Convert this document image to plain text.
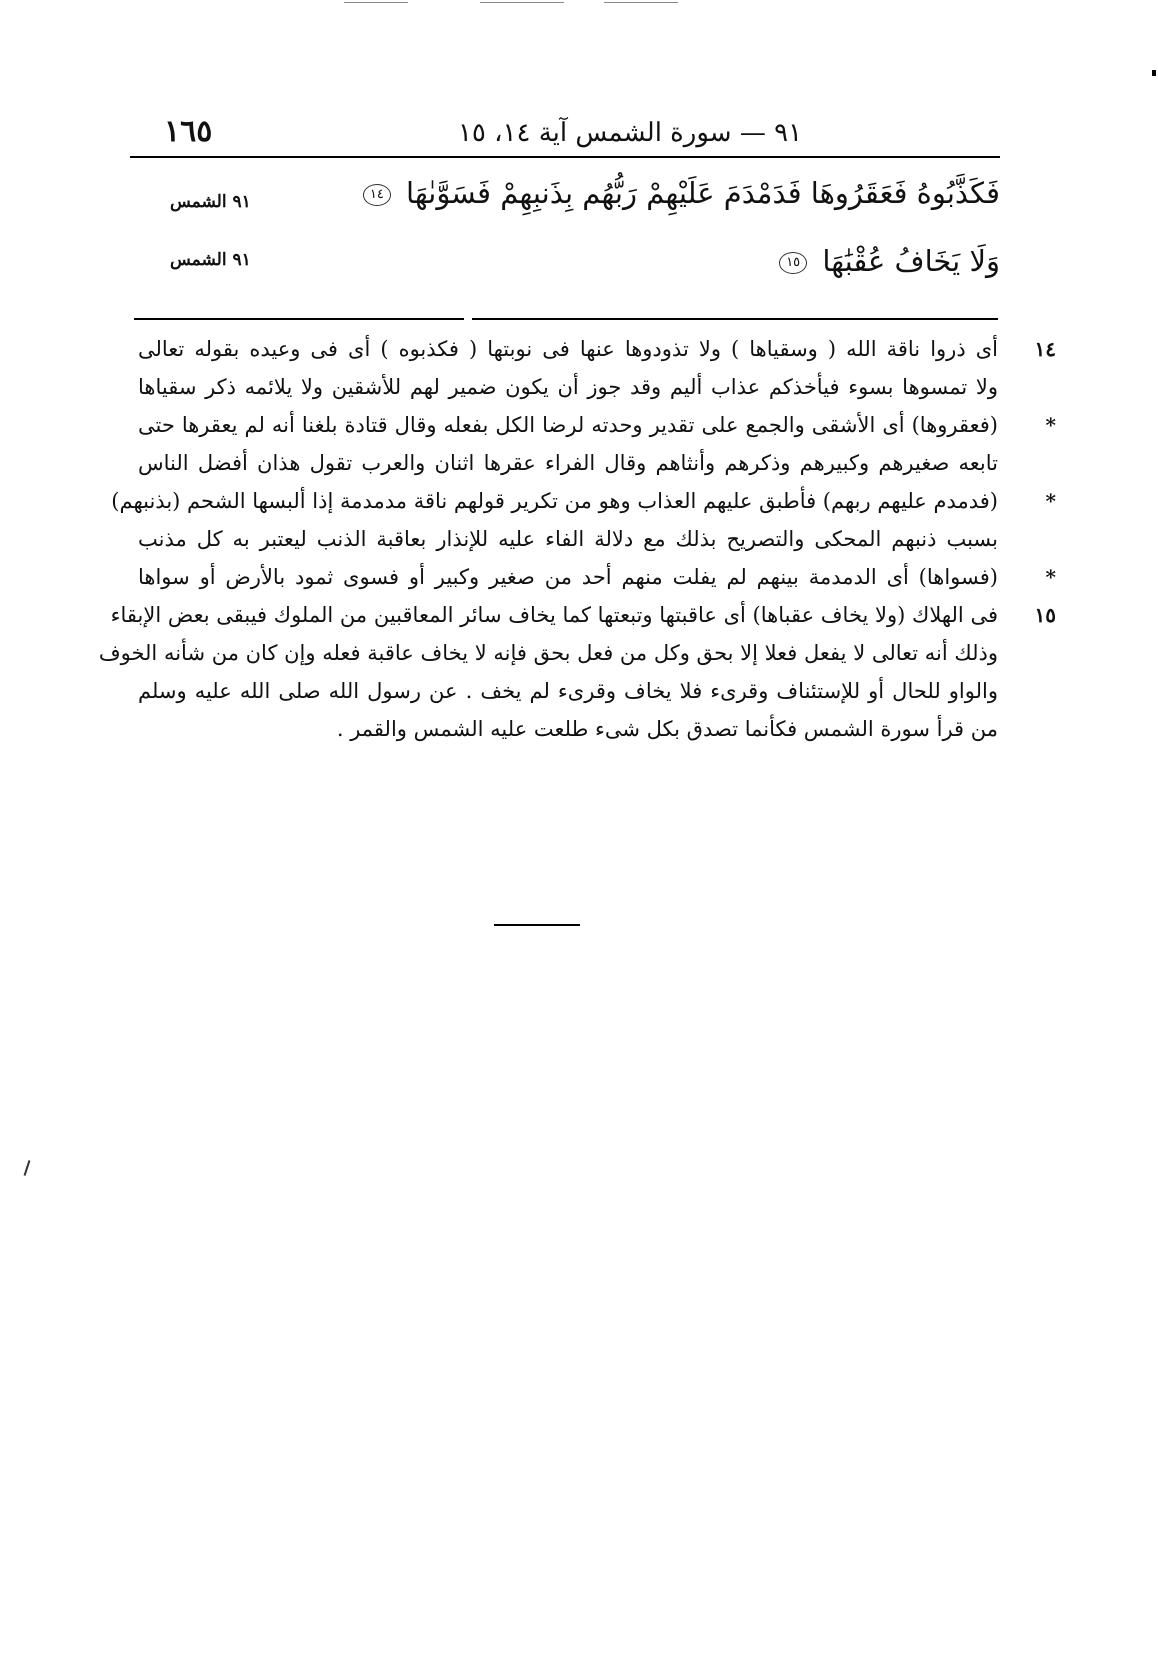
١٦٥	٩١ — سورة الشمس آية ١٤، ١٥
فَكَذَّبُوهُ فَعَقَرُوهَا فَدَمْدَمَ عَلَيْهِمْ رَبُّهُم بِذَنبِهِمْ فَسَوَّىٰهَا ١٤
٩١ الشمس
وَلَا يَخَافُ عُقْبَٰهَا ١٥
٩١ الشمس
١٤
أى ذروا ناقة الله ( وسقياها ) ولا تذودوها عنها فى نوبتها ( فكذبوه ) أى فى وعيده بقوله تعالى
ولا تمسوها بسوء فيأخذكم عذاب أليم وقد جوز أن يكون ضمير لهم للأشقين ولا يلائمه ذكر سقياها
*
(فعقروها) أى الأشقى والجمع على تقدير وحدته لرضا الكل بفعله وقال قتادة بلغنا أنه لم يعقرها حتى
تابعه صغيرهم وكبيرهم وذكرهم وأنثاهم وقال الفراء عقرها اثنان والعرب تقول هذان أفضل الناس
*
(فدمدم عليهم ربهم) فأطبق عليهم العذاب وهو من تكرير قولهم ناقة مدمدمة إذا ألبسها الشحم (بذنبهم)
بسبب ذنبهم المحكى والتصريح بذلك مع دلالة الفاء عليه للإنذار بعاقبة الذنب ليعتبر به كل مذنب
*
(فسواها) أى الدمدمة بينهم لم يفلت منهم أحد من صغير وكبير أو فسوى ثمود بالأرض أو سواها
١٥
فى الهلاك (ولا يخاف عقباها) أى عاقبتها وتبعتها كما يخاف سائر المعاقبين من الملوك فيبقى بعض الإبقاء
وذلك أنه تعالى لا يفعل فعلا إلا بحق وكل من فعل بحق فإنه لا يخاف عاقبة فعله وإن كان من شأنه الخوف
والواو للحال أو للإستئناف وقرىء فلا يخاف وقرىء لم يخف . عن رسول الله صلى الله عليه وسلم
من قرأ سورة الشمس فكأنما تصدق بكل شىء طلعت عليه الشمس والقمر .
